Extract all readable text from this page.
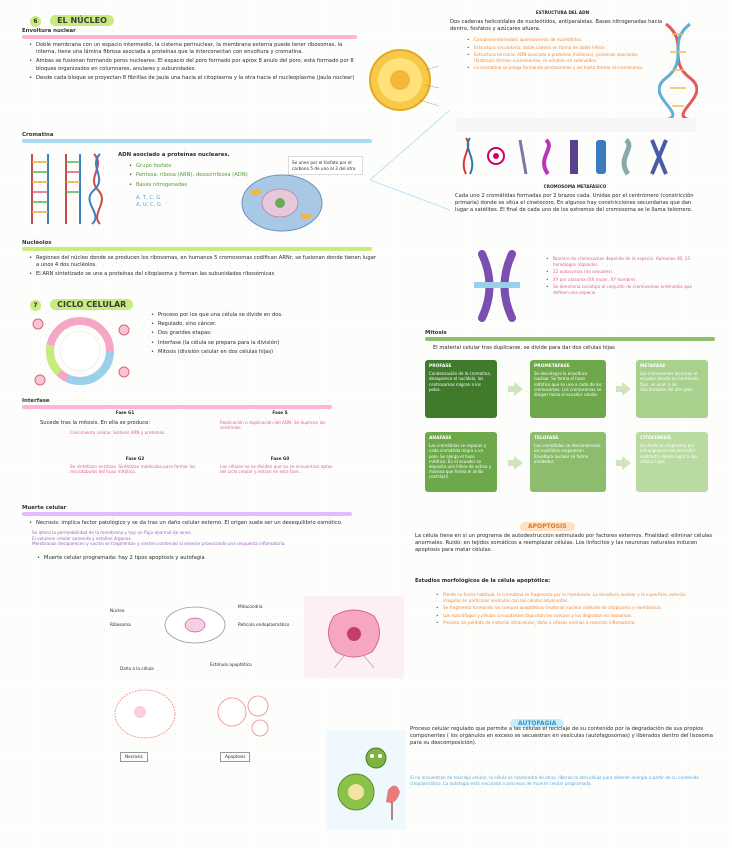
6 EL NÚCLEO
Envoltura nuclear
• Doble membrana con un espacio intermedio, la cisterna perinuclear, la membrana externa puede tener ribosomas, la interna, tiene una lámina fibrosa asociada a proteínas que la interconectan con envoltura y cromatina.
• Ambas se fusionan formando poros nucleares. El espacio del poro formado por aprox 8 anulo del poro, está formado por 8 bloques organizados en columnares, anulares y subunidades.
• Desde cada bloque se proyectan 8 fibrillas de jaula una hacia el citoplasma y la otra hacia el nucleoplasma (jaula nuclear)
Cromatina
ADN asociado a proteínas nucleares.
• Grupo fosfato
• Pentosa: ribosa (ARN), desoxirribosa (ADN)
• Bases nitrogenadas
A, T, C, G
A, U, C, G
Se unen por el fosfato por el carbono 5 de uno al 3 del otro.
Nucléolos
• Regiones del núcleo donde se producen los ribosomas, en humanos 5 cromosomas codifican ARNr, se fusionan donde tienen lugar a unos 4 dos nucléolos.
• El ARN sintetizado se une a proteínas del citoplasma y forman las subunidades ribosómicas
7 CICLO CELULAR
• Proceso por los que una célula se divide en dos.
• Regulado, sino cáncer.
• Dos grandes etapas:
• Interfase (la célula se prepara para la división)
• Mitosis (división celular en dos células hijas)
Interfase
Sucede tras la mitosis. En ella se produce:
Fase G1
Crecimiento celular. Síntesis ARN y proteínas.
Fase S
Replicación o duplicación del ADN. Se duplican los centriolos.
Fase G2
Se sintetizan enzimas. Sintetizan moléculas para formar los microtúbulos del huso mitótico.
Fase G0
Las células no se dividen que no se encuentran aptas del ciclo celular y entran en esta fase.
Muerte celular
• Necrosis: implica factor patológico y se da tras un daño celular externo. El origen suele ser un desequilibrio osmótico.
Se altera la permeabilidad de la membrana y hay un flujo anormal de iones.
El volumen celular aumenta y estallan órganos.
Membranas desaparecen y vacían se fragmentan y vierten contenido al exterior provocando una respuesta inflamatoria.
• Muerte celular programada: hay 2 tipos apoptosis y autofagia
Núcleo
Mitocondria
Ribosoma	Retículo endoplasmático
Daño a la célula
Estímulo apoptótico
Necrosis	Apoptosis
ESTRUCTURA DEL ADN
Dos cadenas helicoidales de nucleótidos, antiparalelas. Bases nitrogenadas hacia dentro, fosfatos y azúcares afuera.
• Complementariedad: apareamiento de nucleótidos.
• Estructura secundaria: doble cadena en forma de doble hélice.
• Estructura terciaria: ADN asociado a proteínas (histonas), proteínas asociadas (histonas) forman nucleosomas, se enrollan en solenoides.
• La cromatina se pliega formando plectonemas y así hasta formar el cromosoma.
CROMOSOMA METAFÁSICO
Cada uno 2 cromátidas formadas por 2 brazos cada. Unidas por el centrómero (constricción primaria) donde se sitúa el cinetocoro. En algunos hay constricciones secundarias que dan lugar a satélites. El final de cada uno de los extremos del cromosoma se le llama telómero.
• Número de cromosomas depende de la especie. Humanos 46, 23 homólogos (diploide).
• 22 autosomas (no sexuales)
• XY por alosoma (XX mujer, XY hombre).
• Se denomina cariotipo al conjunto de cromosomas ordenados que definen una especie.
Mitosis
El material celular tras duplicarse, se divide para dar dos células hijas
PROFASE
Condensación de la cromatina, desaparece el nucléolo, los centrosomas migran a los polos.
PROMETAFASE
Se desintegra la envoltura nuclear. Se forma el huso mitótico que se une a cada de los cromosomas. Los cromosomas se dirigen hacia el ecuador celular.
METAFASE
Los cromosomas alcanzan el ecuador donde se mantienen fijos, se unen a los microtúbulos del otro polo.
ANAFASE
Las cromátidas se separan y cada cromátida migra a un polo. Se alarga el huso mitótico. En el ecuador se deposita una hilera de actina y miosina que forma el anillo contráctil.
TELOFASE
Las cromátidas se descondensan, los nucléolos reaparecen. Envoltura nuclear se forma alrededor.
CITOCINESIS
Se divide el citoplasma por estrangulamiento del anillo contráctil, dando lugar a dos células hijas.
APOPTOSIS
La célula tiene en sí un programa de autodestrucción estimulado por factores externos. Finalidad: eliminar células anormales. Ruido: en tejidos somáticos a reemplazar células. Los linfocitos y las neuronas naturales inducen apoptosis para matar células.
Estudios morfológicos de la célula apoptótica:
• Pierde su forma habitual, la cromatina se fragmenta por lo membrana. La envoltura nuclear y la superficie, exterior, irregular en partículas vesículas con las células adyacentes.
• Se fragmenta formando los cuerpos apoptóticos (material nuclear rodeado de citoplasma y membrana).
• Los macrófagos y células circundantes fagocitan los cuerpos y los degradan en lisosomas.
• Proceso sin pérdida de material intracelular, daño a células vecinas o reacción inflamatoria.
AUTOFAGIA
Proceso celular regulado que permite a las células el reciclaje de su contenido por la degradación de sus propios componentes ( los orgánulos en exceso se secuestran en vesículas (autofagosomas) y liberados dentro del lisosoma para su descomposición).
Si no encuentran de reciclaje celular, la célula se mantendrá de otras, liberan la otra célula para obtener energía a partir de su contenido citoplasmático. La autofagia está vinculada a procesos de muerte celular programada.
